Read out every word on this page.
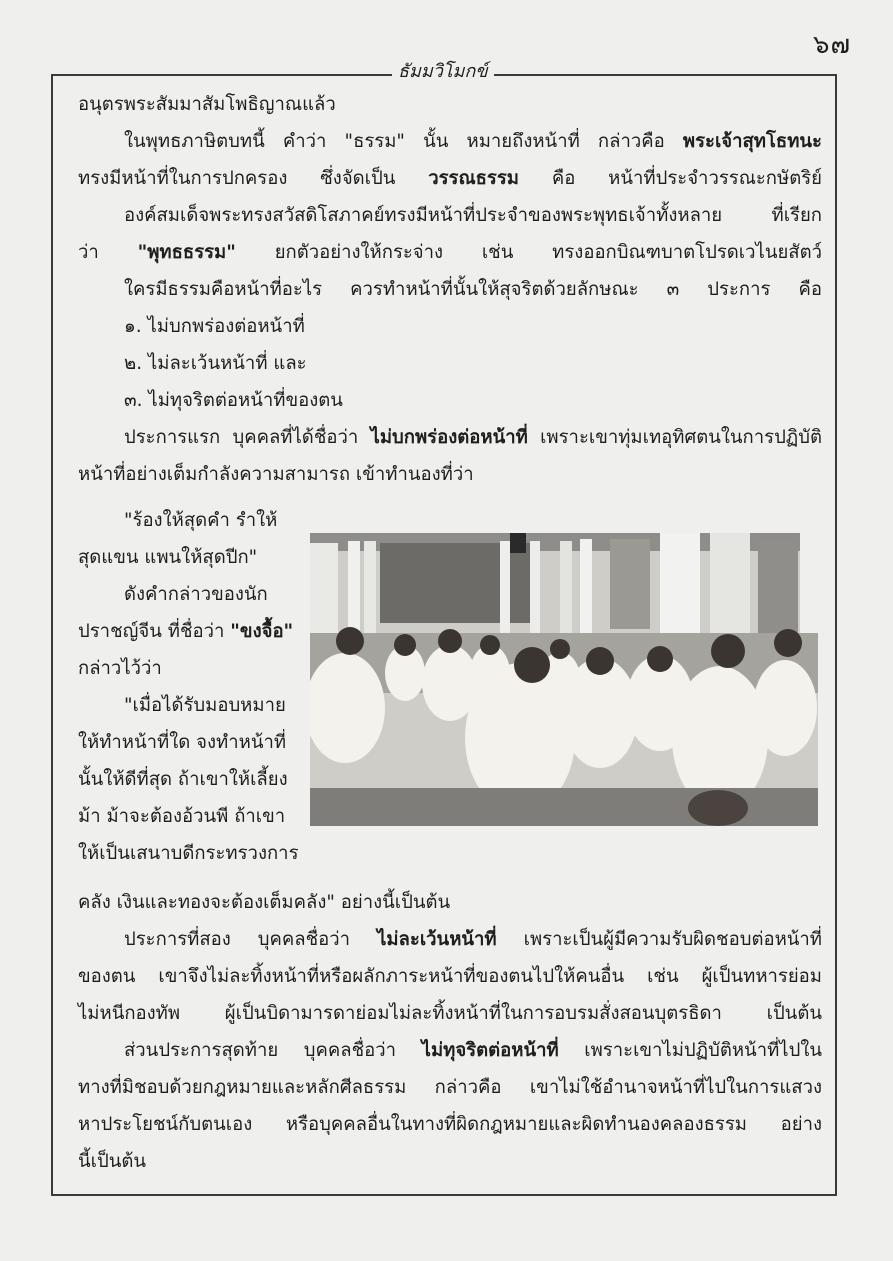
๖๗
ธัมมวิโมกข์
อนุตรพระสัมมาสัมโพธิญาณแล้ว
ในพุทธภาษิตบทนี้ คำว่า "ธรรม" นั้น หมายถึงหน้าที่ กล่าวคือ พระเจ้าสุทโธทนะ
ทรงมีหน้าที่ในการปกครอง ซึ่งจัดเป็น วรรณธรรม คือ หน้าที่ประจำวรรณะกษัตริย์
องค์สมเด็จพระทรงสวัสดิโสภาคย์ทรงมีหน้าที่ประจำของพระพุทธเจ้าทั้งหลาย ที่เรียก
ว่า "พุทธธรรม" ยกตัวอย่างให้กระจ่าง เช่น ทรงออกบิณฑบาตโปรดเวไนยสัตว์
ใครมีธรรมคือหน้าที่อะไร ควรทำหน้าที่นั้นให้สุจริตด้วยลักษณะ ๓ ประการ คือ
๑. ไม่บกพร่องต่อหน้าที่
๒. ไม่ละเว้นหน้าที่ และ
๓. ไม่ทุจริตต่อหน้าที่ของตน
ประการแรก บุคคลที่ได้ชื่อว่า ไม่บกพร่องต่อหน้าที่ เพราะเขาทุ่มเทอุทิศตนในการปฏิบัติ
หน้าที่อย่างเต็มกำลังความสามารถ เข้าทำนองที่ว่า
"ร้องให้สุดคำ รำให้
สุดแขน แพนให้สุดปีก"
ดังคำกล่าวของนัก
ปราชญ์จีน ที่ชื่อว่า "ขงจื้อ"
กล่าวไว้ว่า
"เมื่อได้รับมอบหมาย
ให้ทำหน้าที่ใด จงทำหน้าที่
นั้นให้ดีที่สุด ถ้าเขาให้เลี้ยง
ม้า ม้าจะต้องอ้วนพี ถ้าเขา
ให้เป็นเสนาบดีกระทรวงการ
คลัง เงินและทองจะต้องเต็มคลัง" อย่างนี้เป็นต้น
ประการที่สอง บุคคลชื่อว่า ไม่ละเว้นหน้าที่ เพราะเป็นผู้มีความรับผิดชอบต่อหน้าที่
ของตน เขาจึงไม่ละทิ้งหน้าที่หรือผลักภาระหน้าที่ของตนไปให้คนอื่น เช่น ผู้เป็นทหารย่อม
ไม่หนีกองทัพ ผู้เป็นบิดามารดาย่อมไม่ละทิ้งหน้าที่ในการอบรมสั่งสอนบุตรธิดา เป็นต้น
ส่วนประการสุดท้าย บุคคลชื่อว่า ไม่ทุจริตต่อหน้าที่ เพราะเขาไม่ปฏิบัติหน้าที่ไปใน
ทางที่มิชอบด้วยกฎหมายและหลักศีลธรรม กล่าวคือ เขาไม่ใช้อำนาจหน้าที่ไปในการแสวง
หาประโยชน์กับตนเอง หรือบุคคลอื่นในทางที่ผิดกฎหมายและผิดทำนองคลองธรรม อย่าง
นี้เป็นต้น
